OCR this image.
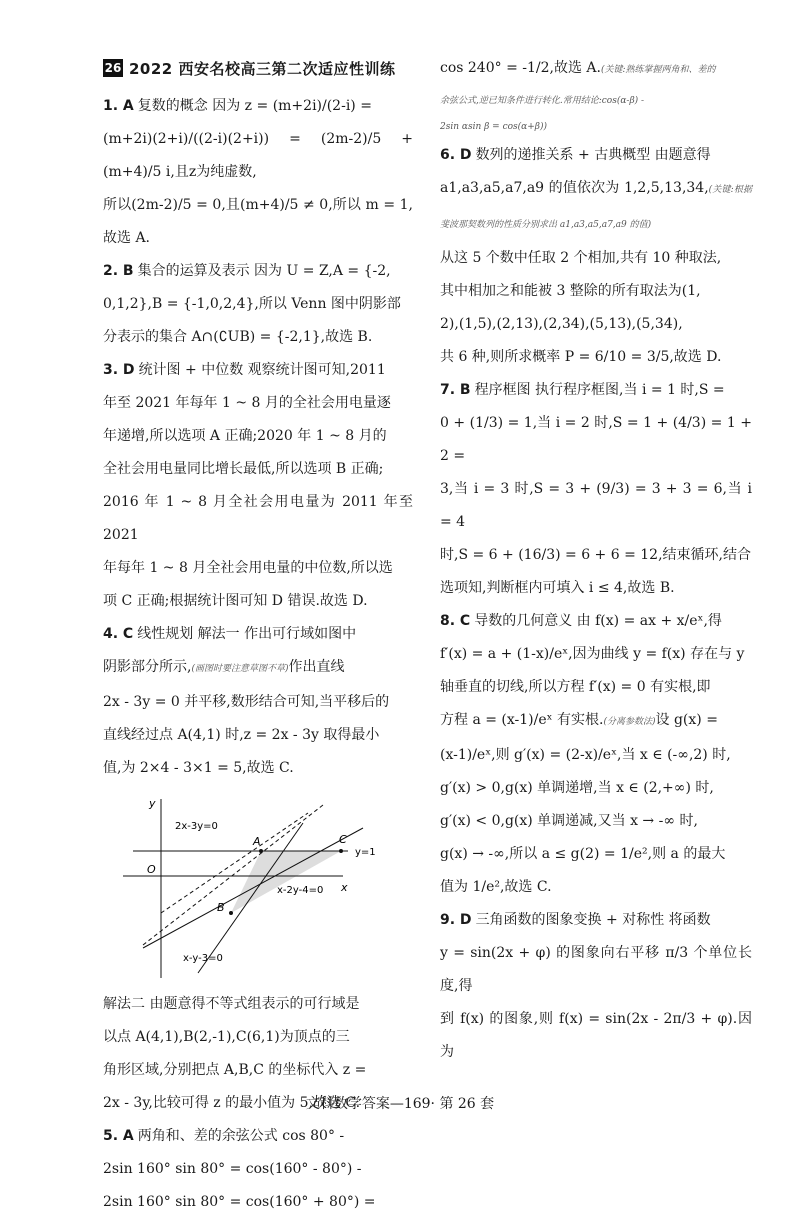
26 2022 西安名校高三第二次适应性训练

1. A 复数的概念 因为 z = (m+2i)/(2-i) =

(m+2i)(2+i)/((2-i)(2+i)) = (2m-2)/5 + (m+4)/5 i,且z为纯虚数,

所以(2m-2)/5 = 0,且(m+4)/5 ≠ 0,所以 m = 1,故选 A.

2. B 集合的运算及表示 因为 U = Z,A = {-2,

0,1,2},B = {-1,0,2,4},所以 Venn 图中阴影部

分表示的集合 A∩(∁UB) = {-2,1},故选 B.

3. D 统计图 + 中位数 观察统计图可知,2011

年至 2021 年每年 1 ~ 8 月的全社会用电量逐

年递增,所以选项 A 正确;2020 年 1 ~ 8 月的

全社会用电量同比增长最低,所以选项 B 正确;

2016 年 1 ~ 8 月全社会用电量为 2011 年至 2021

年每年 1 ~ 8 月全社会用电量的中位数,所以选

项 C 正确;根据统计图可知 D 错误.故选 D.

4. C 线性规划 解法一 作出可行域如图中

阴影部分所示,(画图时要注意草图不草)作出直线

2x - 3y = 0 并平移,数形结合可知,当平移后的

直线经过点 A(4,1) 时,z = 2x - 3y 取得最小

值,为 2×4 - 3×1 = 5,故选 C.

y
x
O
A
B
C
2x-3y=0
y=1
x-2y-4=0
x-y-3=0

解法二 由题意得不等式组表示的可行域是

以点 A(4,1),B(2,-1),C(6,1)为顶点的三

角形区域,分别把点 A,B,C 的坐标代入 z =

2x - 3y,比较可得 z 的最小值为 5,故选 C.

5. A 两角和、差的余弦公式 cos 80° -

2sin 160° sin 80° = cos(160° - 80°) -

2sin 160° sin 80° = cos(160° + 80°) =

cos 240° = -1/2,故选 A.(关键:熟练掌握两角和、差的

余弦公式,逆已知条件进行转化.常用结论:cos(α-β) -

2sin αsin β = cos(α+β))

6. D 数列的递推关系 + 古典概型 由题意得

a1,a3,a5,a7,a9 的值依次为 1,2,5,13,34,(关键:根据斐波那契数列的性质分别求出 a1,a3,a5,a7,a9 的值)

从这 5 个数中任取 2 个相加,共有 10 种取法,

其中相加之和能被 3 整除的所有取法为(1,

2),(1,5),(2,13),(2,34),(5,13),(5,34),

共 6 种,则所求概率 P = 6/10 = 3/5,故选 D.

7. B 程序框图 执行程序框图,当 i = 1 时,S =

0 + (1/3) = 1,当 i = 2 时,S = 1 + (4/3) = 1 + 2 =

3,当 i = 3 时,S = 3 + (9/3) = 3 + 3 = 6,当 i = 4

时,S = 6 + (16/3) = 6 + 6 = 12,结束循环,结合

选项知,判断框内可填入 i ≤ 4,故选 B.

8. C 导数的几何意义 由 f(x) = ax + x/eˣ,得

f′(x) = a + (1-x)/eˣ,因为曲线 y = f(x) 存在与 y

轴垂直的切线,所以方程 f′(x) = 0 有实根,即

方程 a = (x-1)/eˣ 有实根.(分离参数法)设 g(x) =

(x-1)/eˣ,则 g′(x) = (2-x)/eˣ,当 x ∈ (-∞,2) 时,

g′(x) > 0,g(x) 单调递增,当 x ∈ (2,+∞) 时,

g′(x) < 0,g(x) 单调递减,又当 x → -∞ 时,

g(x) → -∞,所以 a ≤ g(2) = 1/e²,则 a 的最大

值为 1/e²,故选 C.

9. D 三角函数的图象变换 + 对称性 将函数

y = sin(2x + φ) 的图象向右平移 π/3 个单位长度,得

到 f(x) 的图象,则 f(x) = sin(2x - 2π/3 + φ).因为

文科数学答案—169· 第 26 套
